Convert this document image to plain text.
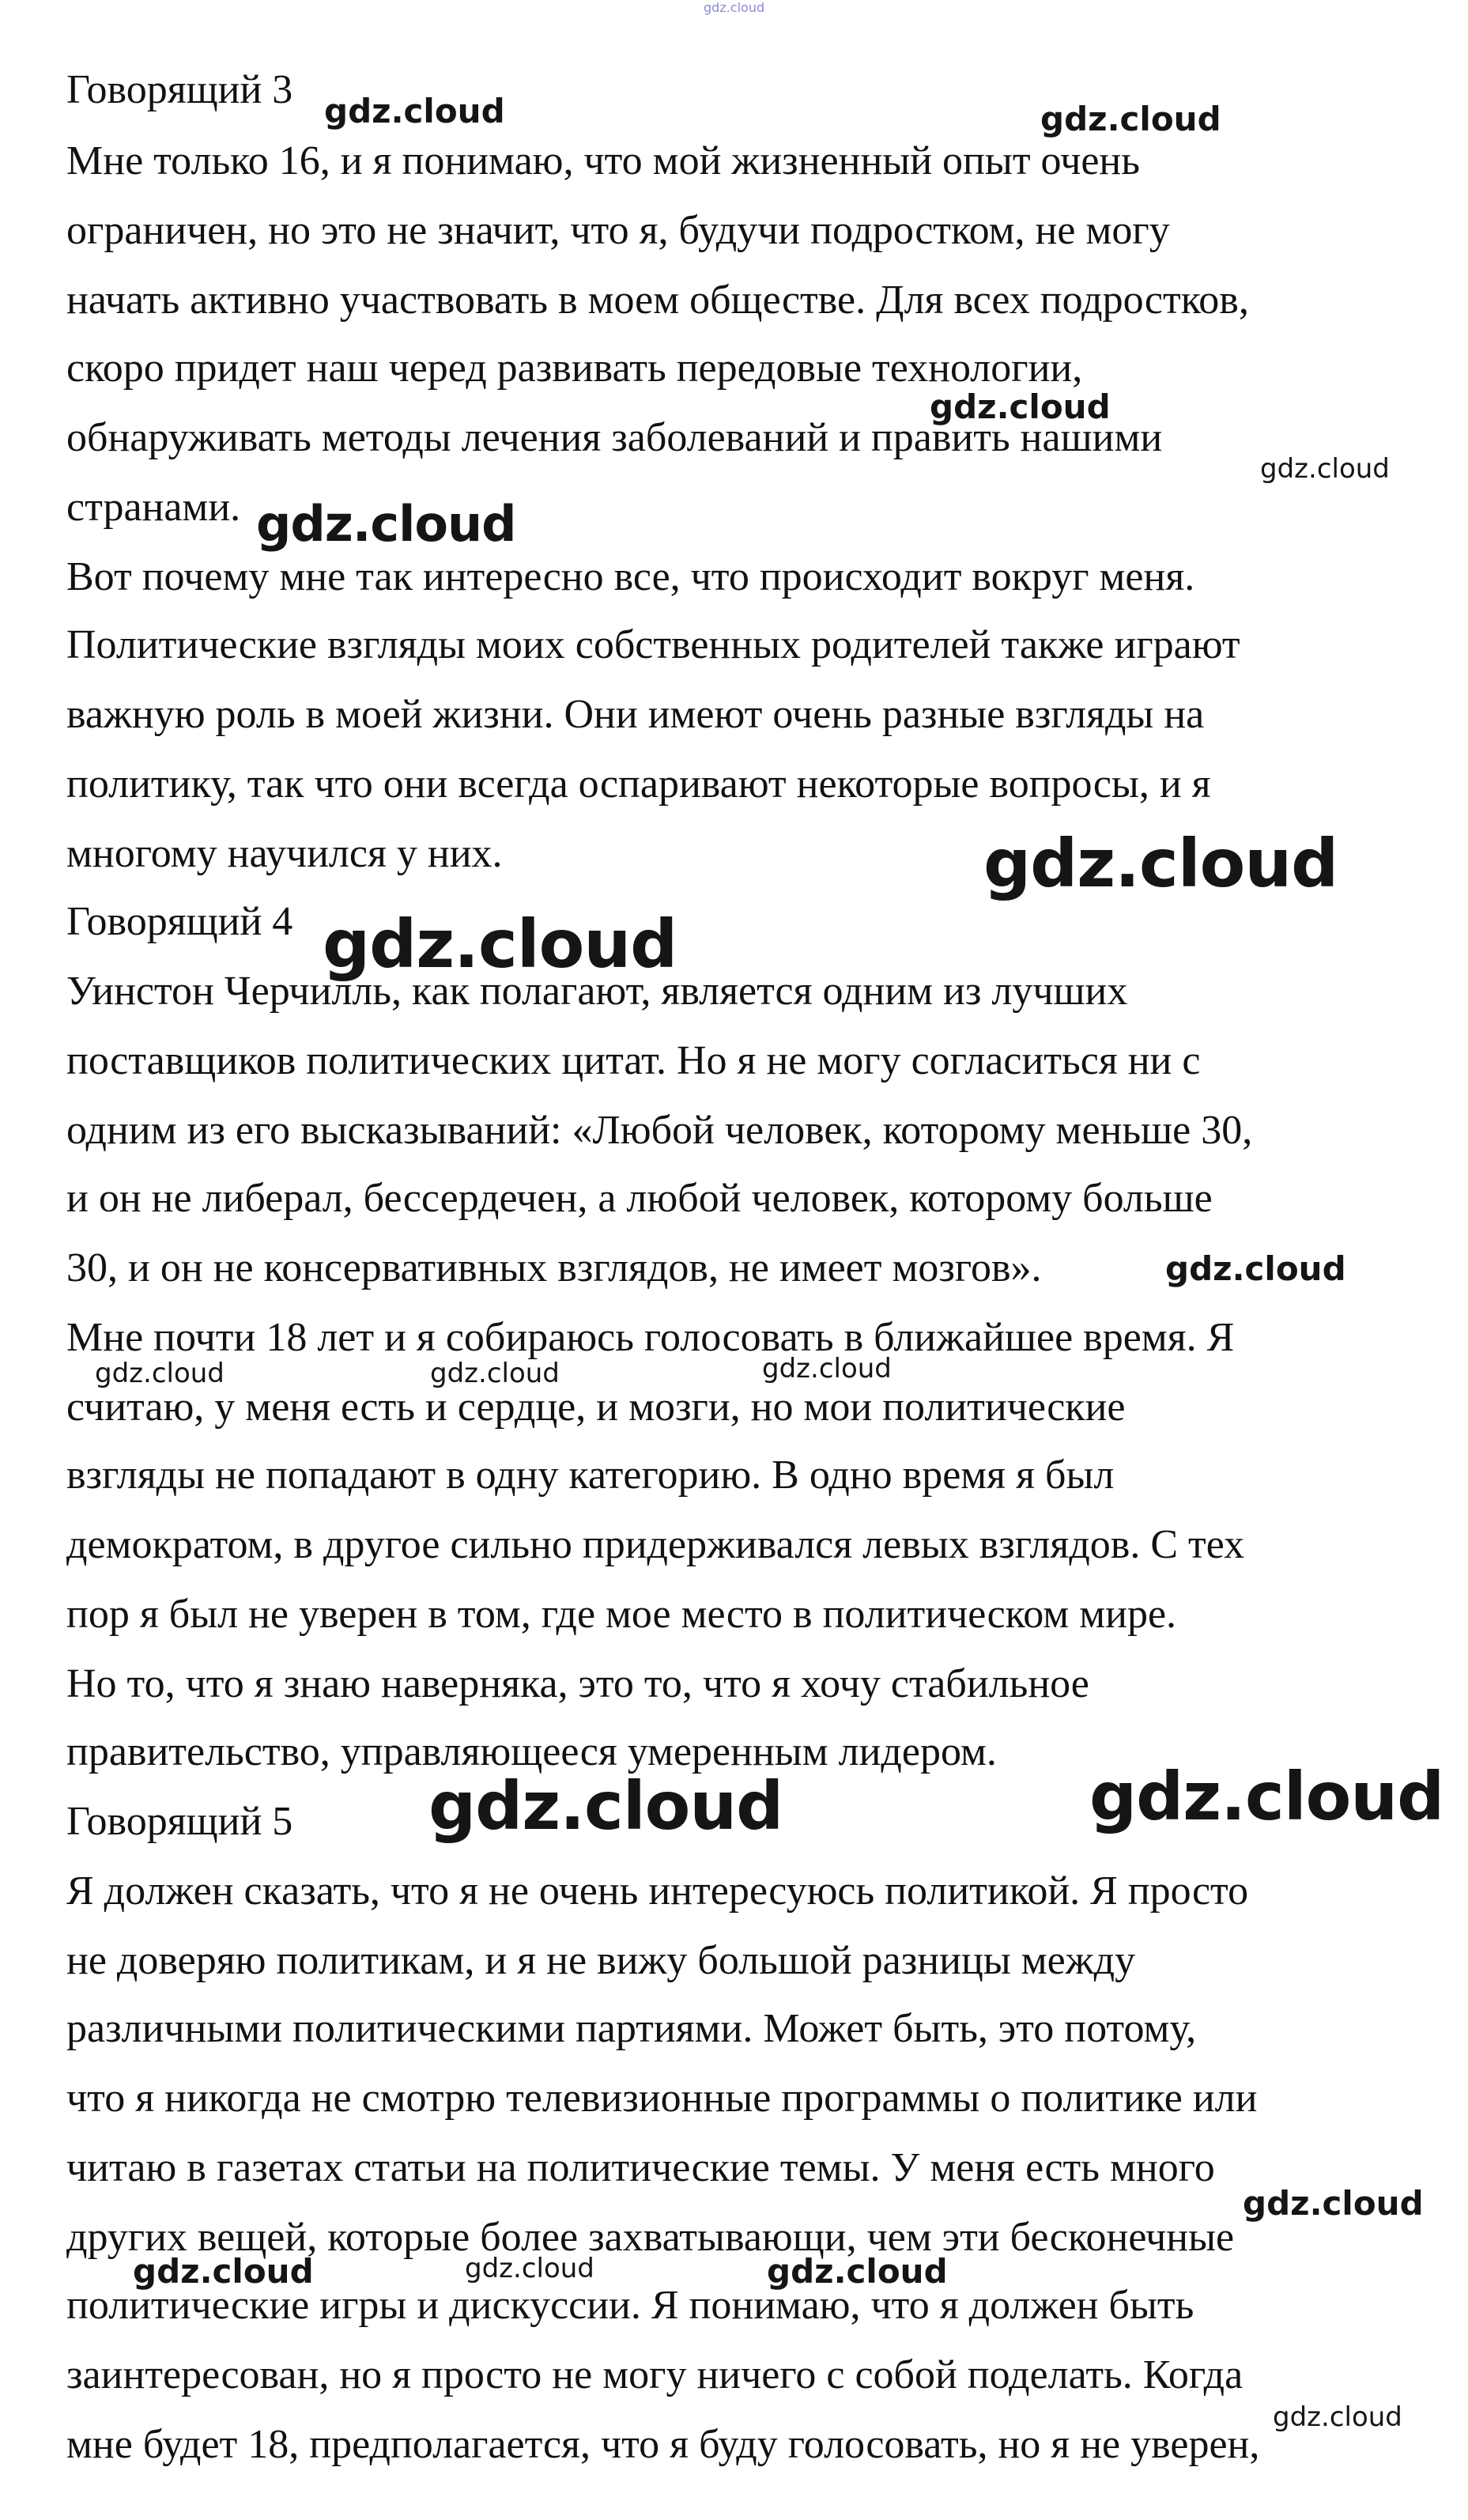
Говорящий 3
Мне только 16, и я понимаю, что мой жизненный опыт очень
ограничен, но это не значит, что я, будучи подростком, не могу
начать активно участвовать в моем обществе. Для всех подростков,
скоро придет наш черед развивать передовые технологии,
обнаруживать методы лечения заболеваний и править нашими
странами.
Вот почему мне так интересно все, что происходит вокруг меня.
Политические взгляды моих собственных родителей также играют
важную роль в моей жизни. Они имеют очень разные взгляды на
политику, так что они всегда оспаривают некоторые вопросы, и я
многому научился у них.
Говорящий 4
Уинстон Черчилль, как полагают, является одним из лучших
поставщиков политических цитат. Но я не могу согласиться ни с
одним из его высказываний: «Любой человек, которому меньше 30,
и он не либерал, бессердечен, а любой человек, которому больше
30, и он не консервативных взглядов, не имеет мозгов».
Мне почти 18 лет и я собираюсь голосовать в ближайшее время. Я
считаю, у меня есть и сердце, и мозги, но мои политические
взгляды не попадают в одну категорию. В одно время я был
демократом, в другое сильно придерживался левых взглядов. С тех
пор я был не уверен в том, где мое место в политическом мире.
Но то, что я знаю наверняка, это то, что я хочу стабильное
правительство, управляющееся умеренным лидером.
Говорящий 5
Я должен сказать, что я не очень интересуюсь политикой. Я просто
не доверяю политикам, и я не вижу большой разницы между
различными политическими партиями. Может быть, это потому,
что я никогда не смотрю телевизионные программы о политике или
читаю в газетах статьи на политические темы. У меня есть много
других вещей, которые более захватывающи, чем эти бесконечные
политические игры и дискуссии. Я понимаю, что я должен быть
заинтересован, но я просто не могу ничего с собой поделать. Когда
мне будет 18, предполагается, что я буду голосовать, но я не уверен,
gdz.cloud
gdz.cloud	gdz.cloud
gdz.cloud
gdz.cloud
gdz.cloud
gdz.cloud
gdz.cloud
gdz.cloud
gdz.cloud	gdz.cloud	gdz.cloud
gdz.cloud	gdz.cloud
gdz.cloud
gdz.cloud	gdz.cloud	gdz.cloud
gdz.cloud
